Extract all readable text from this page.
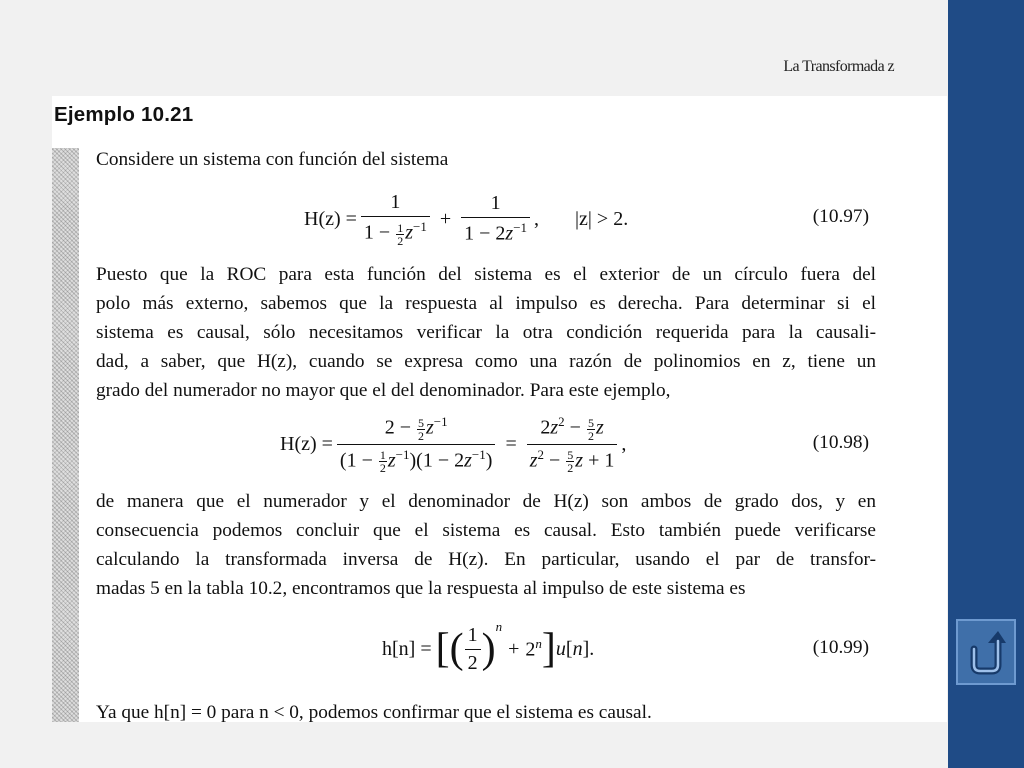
La Transformada z
Ejemplo 10.21
Considere un sistema con función del sistema
$H(z) = \frac{1}{1 - \frac{1}{2} z^{-1}} + \frac{1}{1 - 2z^{-1}}$ , |z| > 2.	(10.97)
Puesto que la ROC para esta función del sistema es el exterior de un círculo fuera del
polo más externo, sabemos que la respuesta al impulso es derecha. Para determinar si el
sistema es causal, sólo necesitamos verificar la otra condición requerida para la causali-
dad, a saber, que H(z), cuando se expresa como una razón de polinomios en z, tiene un
grado del numerador no mayor que el del denominador. Para este ejemplo,
$H(z) = \frac{2 - \frac{5}{2} z^{-1}}{(1 - \frac{1}{2} z^{-1})(1 - 2z^{-1})} = \frac{2z^2 - \frac{5}{2} z}{z^2 - \frac{5}{2} z + 1}$ ,	(10.98)
de manera que el numerador y el denominador de H(z) son ambos de grado dos, y en
consecuencia podemos concluir que el sistema es causal. Esto también puede verificarse
calculando la transformada inversa de H(z). En particular, usando el par de transfor-
madas 5 en la tabla 10.2, encontramos que la respuesta al impulso de este sistema es
h[n] = [ ( $\frac{1}{2}$ ) $^n$
+ $2^n$ ] u[n].	(10.99)
Ya que h[n] = 0 para n < 0, podemos confirmar que el sistema es causal.
